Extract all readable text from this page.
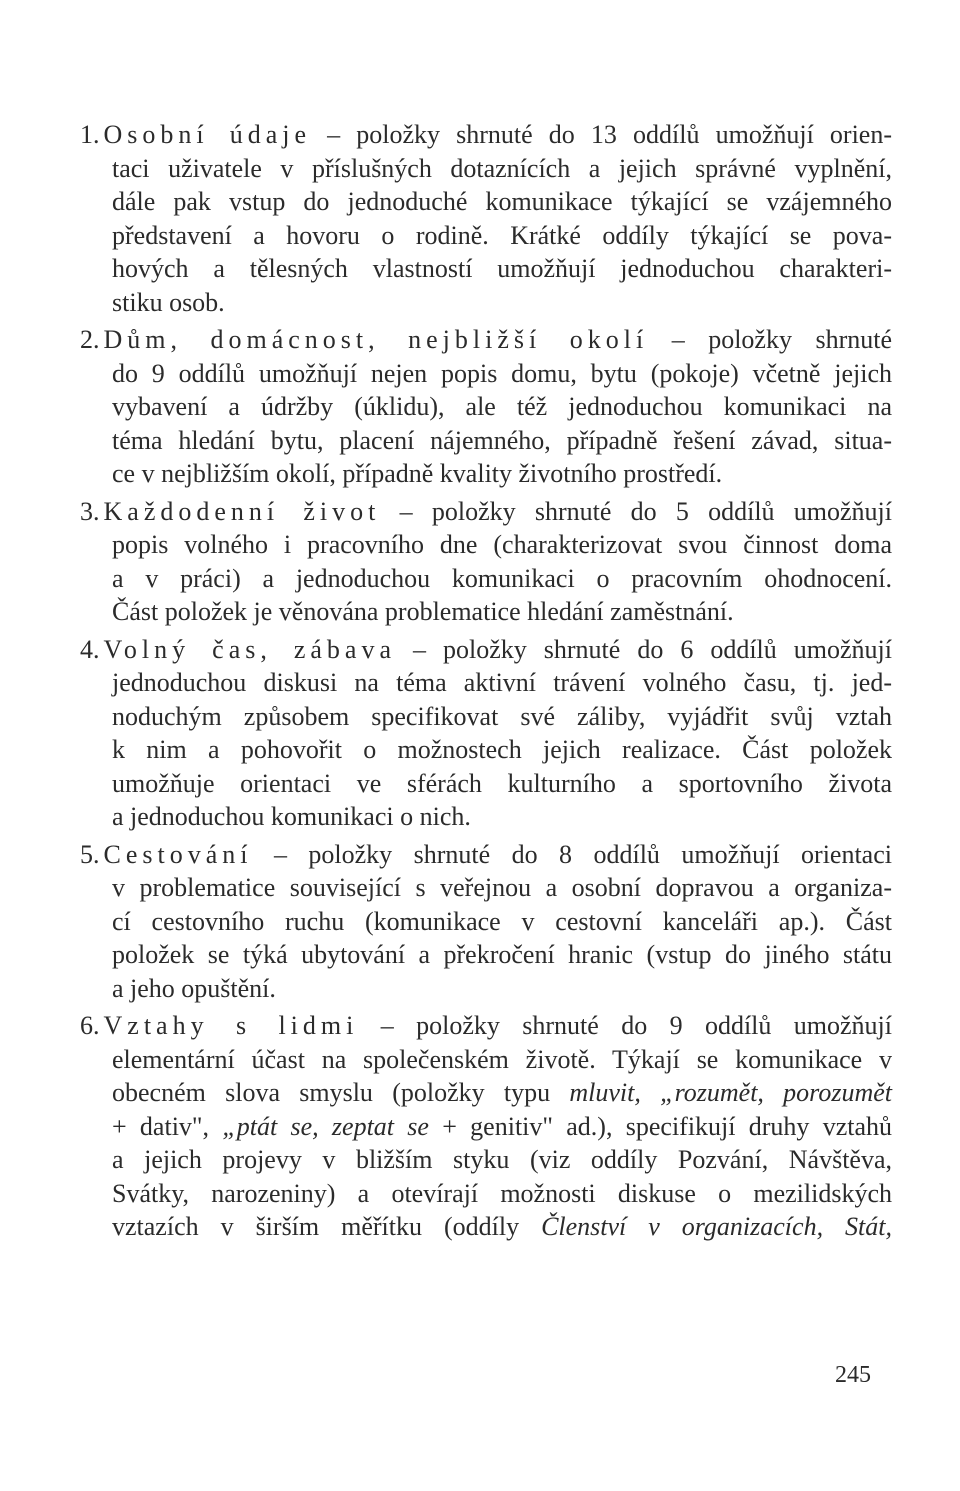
1. Osobní údaje – položky shrnuté do 13 oddílů umožňují orien-
taci uživatele v příslušných dotaznících a jejich správné vyplnění,
dále pak vstup do jednoduché komunikace týkající se vzájemného
představení a hovoru o rodině. Krátké oddíly týkající se pova-
hových a tělesných vlastností umožňují jednoduchou charakteri-
stiku osob.
2. Dům, domácnost, nejbližší okolí – položky shrnuté
do 9 oddílů umožňují nejen popis domu, bytu (pokoje) včetně jejich
vybavení a údržby (úklidu), ale též jednoduchou komunikaci na
téma hledání bytu, placení nájemného, případně řešení závad, situa-
ce v nejbližším okolí, případně kvality životního prostředí.
3. Každodenní život – položky shrnuté do 5 oddílů umožňují
popis volného i pracovního dne (charakterizovat svou činnost doma
a v práci) a jednoduchou komunikaci o pracovním ohodnocení.
Část položek je věnována problematice hledání zaměstnání.
4. Volný čas, zábava – položky shrnuté do 6 oddílů umožňují
jednoduchou diskusi na téma aktivní trávení volného času, tj. jed-
noduchým způsobem specifikovat své záliby, vyjádřit svůj vztah
k nim a pohovořit o možnostech jejich realizace. Část položek
umožňuje orientaci ve sférách kulturního a sportovního života
a jednoduchou komunikaci o nich.
5. Cestování – položky shrnuté do 8 oddílů umožňují orientaci
v problematice související s veřejnou a osobní dopravou a organiza-
cí cestovního ruchu (komunikace v cestovní kanceláři ap.). Část
položek se týká ubytování a překročení hranic (vstup do jiného státu
a jeho opuštění.
6. Vztahy s lidmi – položky shrnuté do 9 oddílů umožňují
elementární účast na společenském životě. Týkají se komunikace v
obecném slova smyslu (položky typu mluvit, „rozumět, porozumět
+ dativ", „ptát se, zeptat se + genitiv" ad.), specifikují druhy vztahů
a jejich projevy v bližším styku (viz oddíly Pozvání, Návštěva,
Svátky, narozeniny) a otevírají možnosti diskuse o mezilidských
vztazích v širším měřítku (oddíly Členství v organizacích, Stát,
245
